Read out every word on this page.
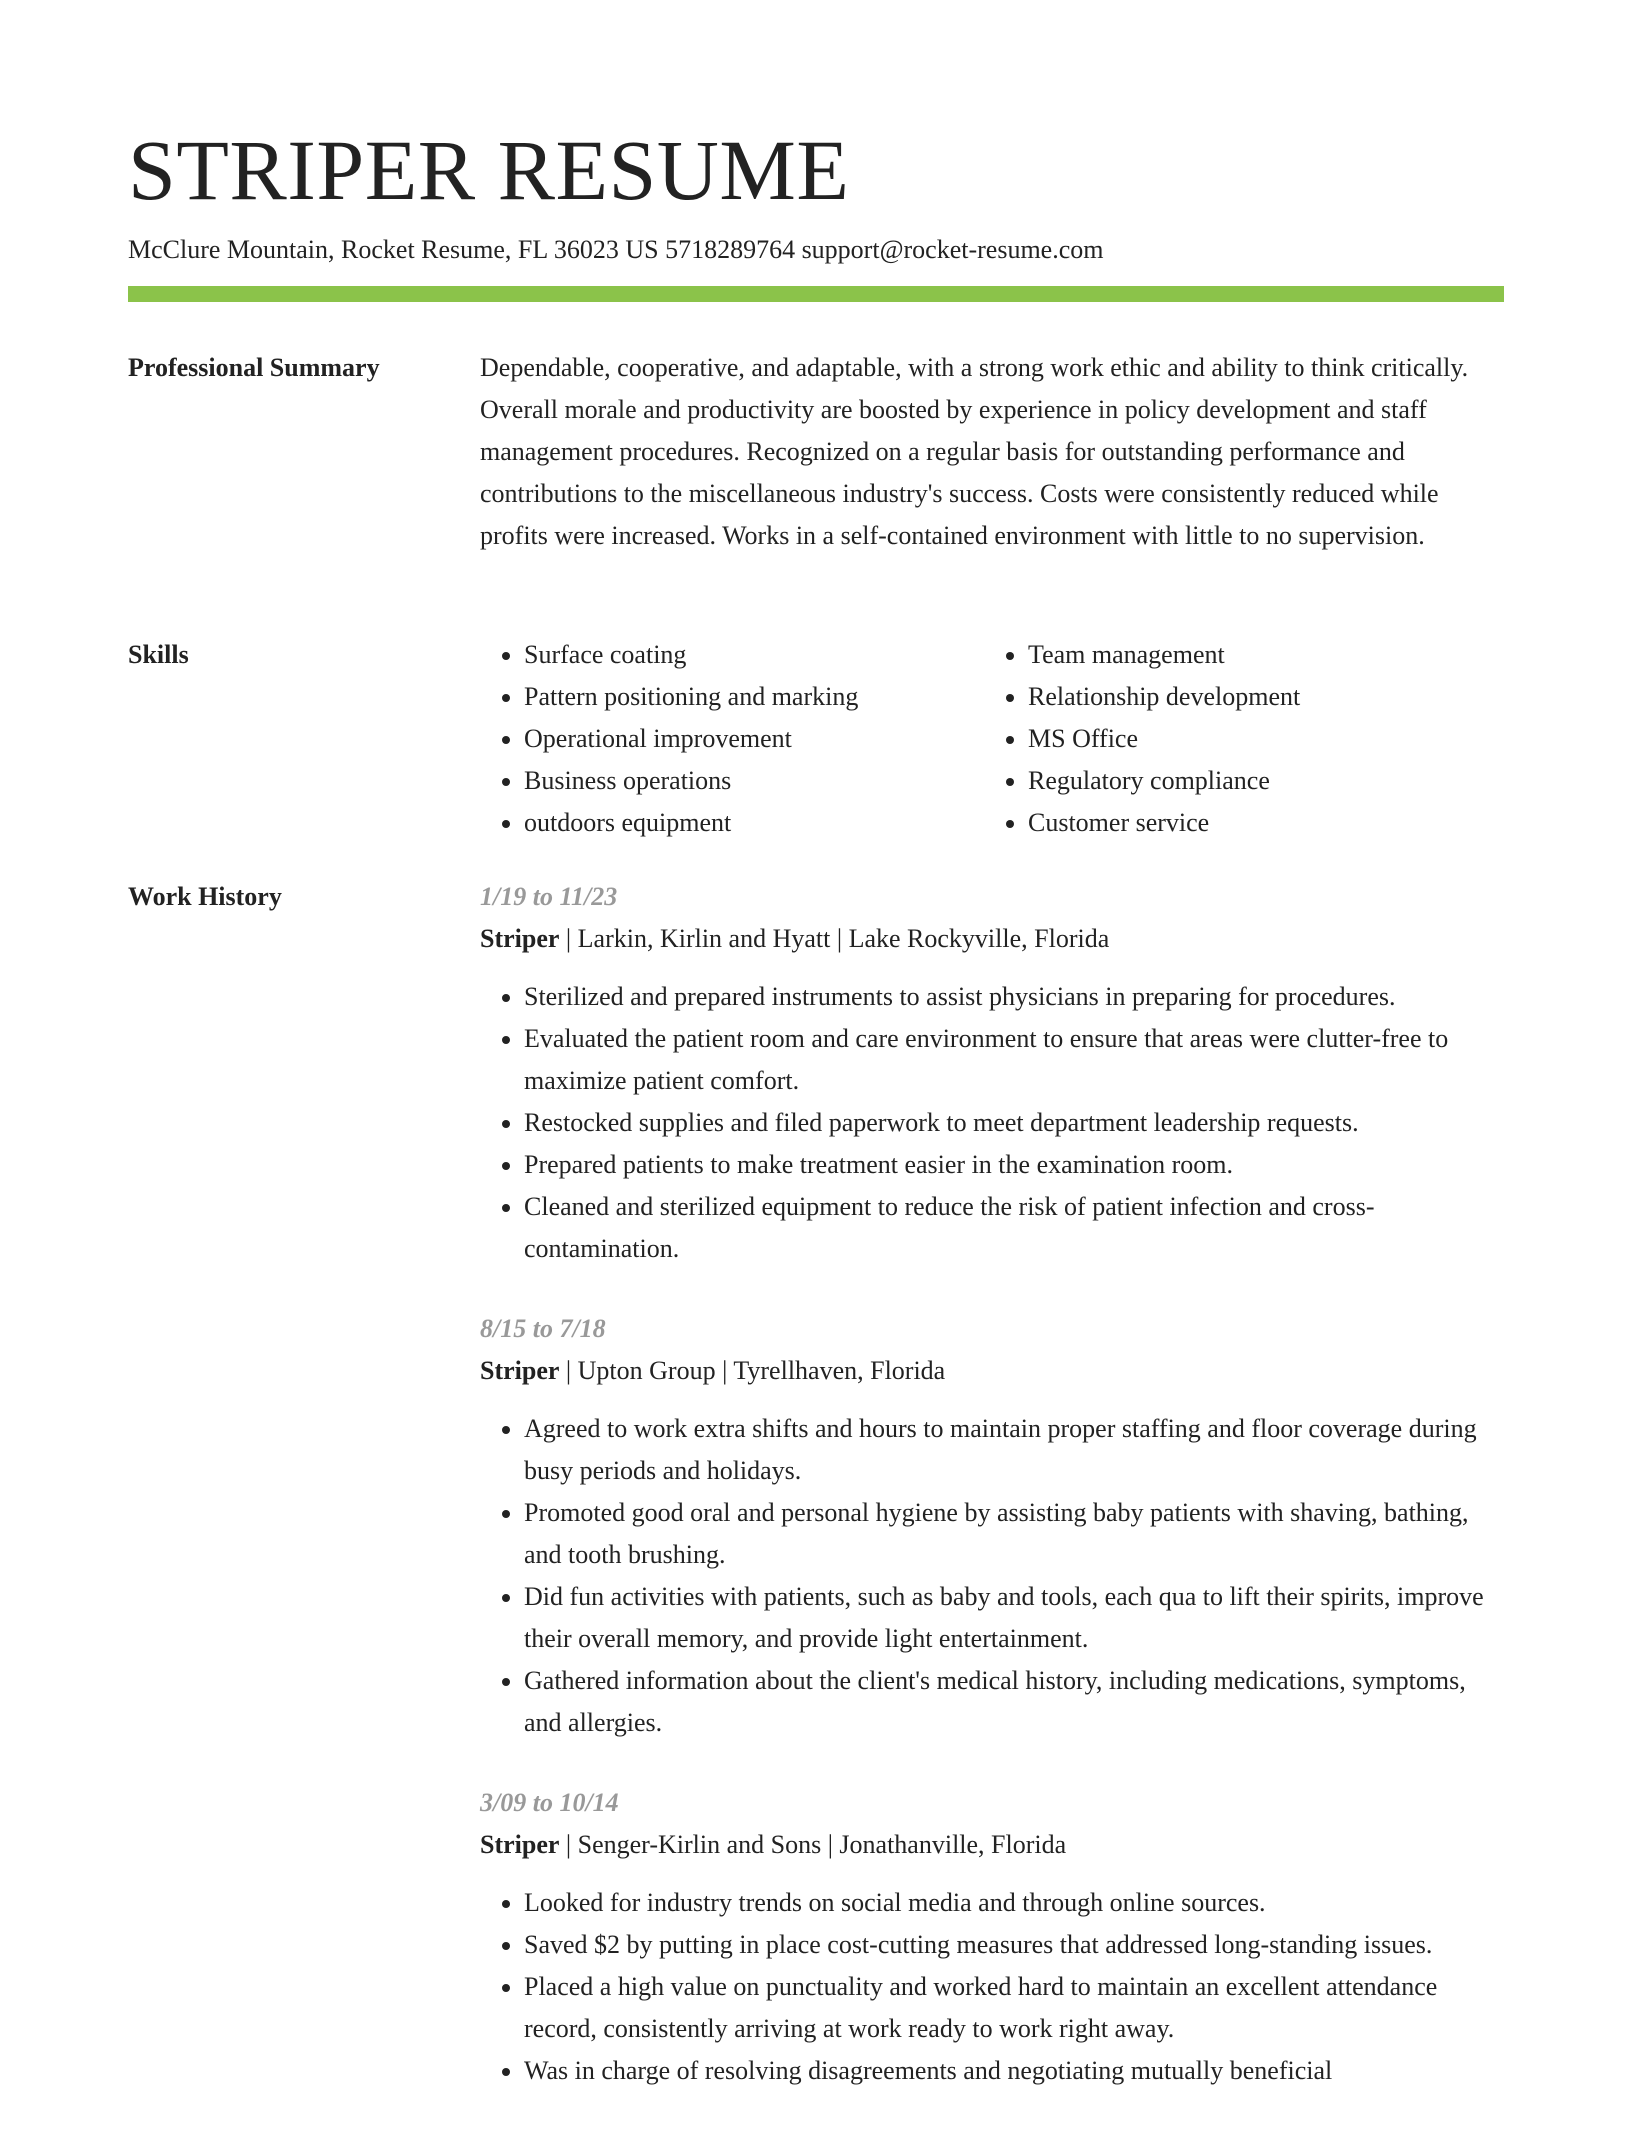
STRIPER RESUME
McClure Mountain, Rocket Resume, FL 36023 US 5718289764 support@rocket-resume.com
Professional Summary	Dependable, cooperative, and adaptable, with a strong work ethic and ability to think critically. Overall morale and productivity are boosted by experience in policy development and staff management procedures. Recognized on a regular basis for outstanding performance and contributions to the miscellaneous industry's success. Costs were consistently reduced while profits were increased. Works in a self-contained environment with little to no supervision.

Skills	• Surface coating
• Pattern positioning and marking
• Operational improvement
• Business operations
• outdoors equipment
• Team management
• Relationship development
• MS Office
• Regulatory compliance
• Customer service
Work History	1/19 to 11/23
Striper | Larkin, Kirlin and Hyatt | Lake Rockyville, Florida
• Sterilized and prepared instruments to assist physicians in preparing for procedures.
• Evaluated the patient room and care environment to ensure that areas were clutter-free to maximize patient comfort.
• Restocked supplies and filed paperwork to meet department leadership requests.
• Prepared patients to make treatment easier in the examination room.
• Cleaned and sterilized equipment to reduce the risk of patient infection and cross-contamination.
8/15 to 7/18
Striper | Upton Group | Tyrellhaven, Florida
• Agreed to work extra shifts and hours to maintain proper staffing and floor coverage during busy periods and holidays.
• Promoted good oral and personal hygiene by assisting baby patients with shaving, bathing, and tooth brushing.
• Did fun activities with patients, such as baby and tools, each qua to lift their spirits, improve their overall memory, and provide light entertainment.
• Gathered information about the client's medical history, including medications, symptoms, and allergies.
3/09 to 10/14
Striper | Senger-Kirlin and Sons | Jonathanville, Florida
• Looked for industry trends on social media and through online sources.
• Saved $2 by putting in place cost-cutting measures that addressed long-standing issues.
• Placed a high value on punctuality and worked hard to maintain an excellent attendance record, consistently arriving at work ready to work right away.
• Was in charge of resolving disagreements and negotiating mutually beneficial
